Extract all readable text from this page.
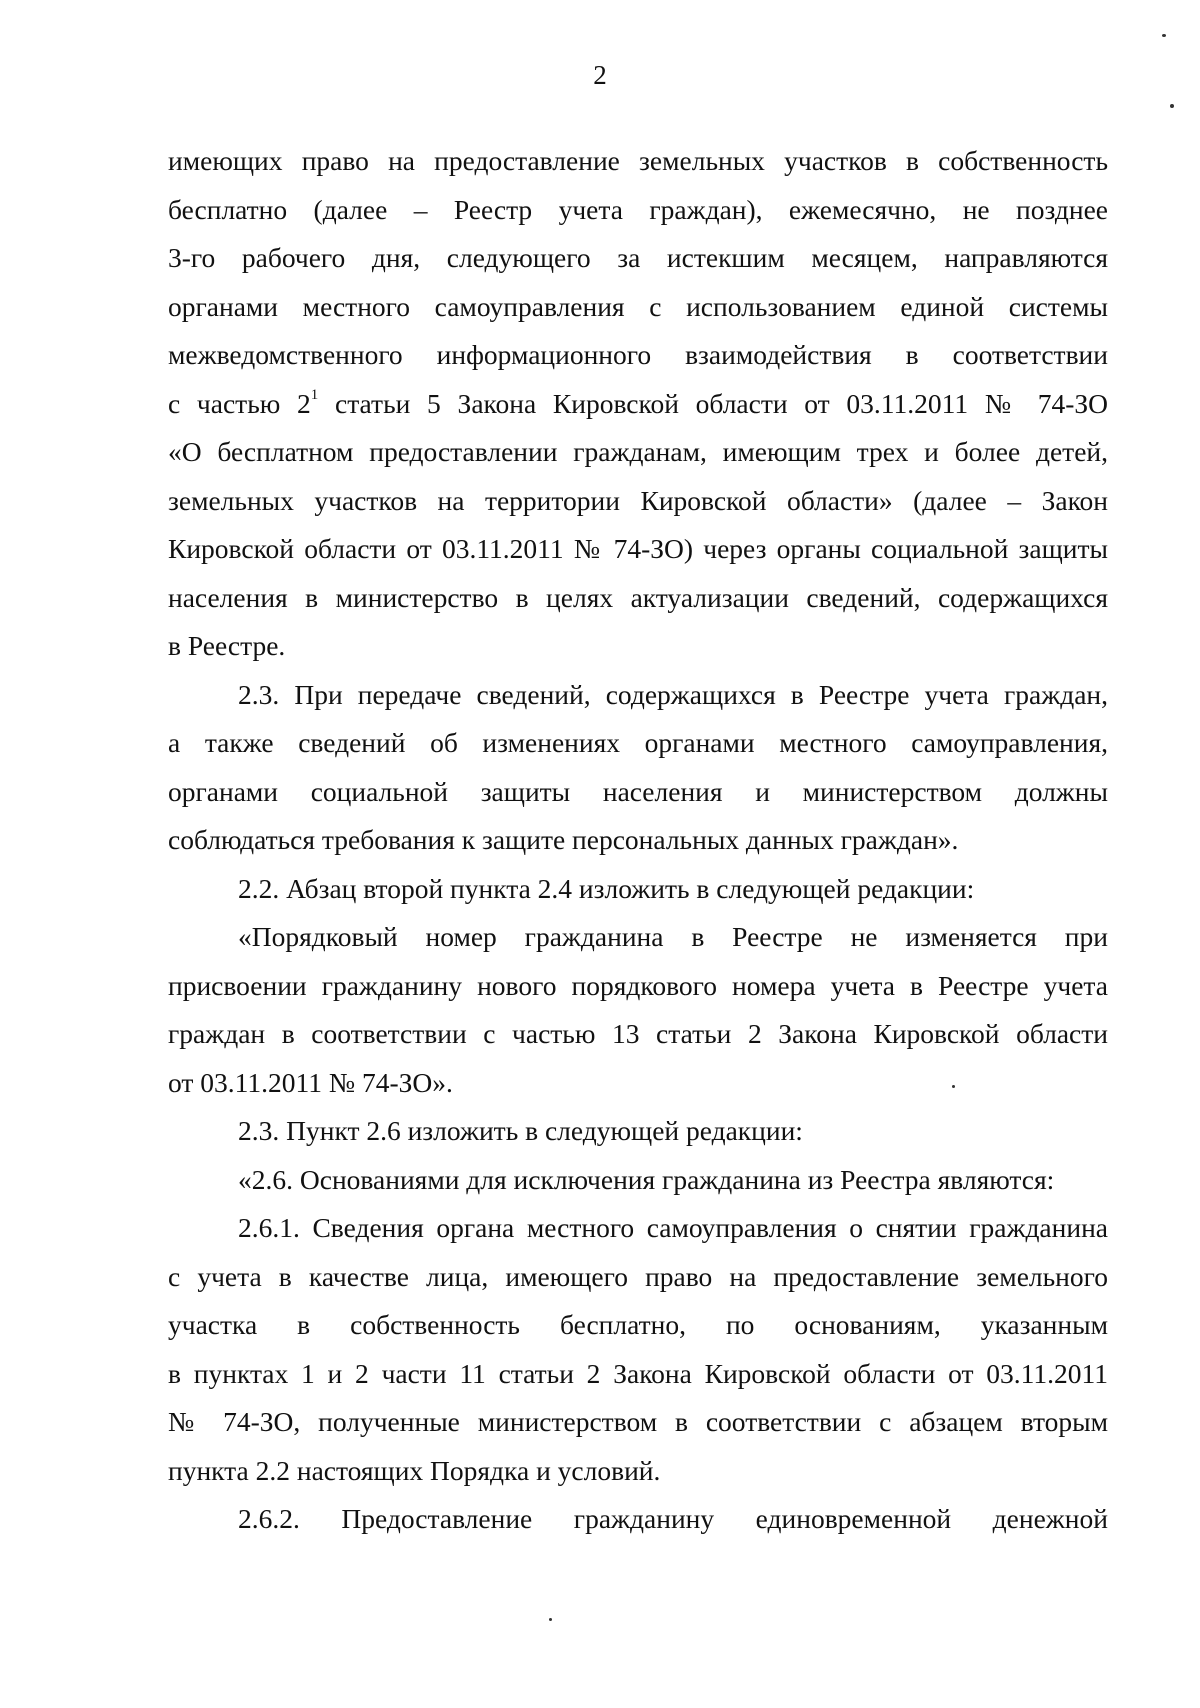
2
имеющих право на предоставление земельных участков в собственность
бесплатно (далее – Реестр учета граждан), ежемесячно, не позднее
3-го рабочего дня, следующего за истекшим месяцем, направляются
органами местного самоуправления с использованием единой системы
межведомственного информационного взаимодействия в соответствии
с частью $2^1$ статьи 5 Закона Кировской области от 03.11.2011 № 74-ЗО
«О бесплатном предоставлении гражданам, имеющим трех и более детей,
земельных участков на территории Кировской области» (далее – Закон
Кировской области от 03.11.2011 № 74-ЗО) через органы социальной защиты
населения в министерство в целях актуализации сведений, содержащихся
в Реестре.
2.3. При передаче сведений, содержащихся в Реестре учета граждан,
а также сведений об изменениях органами местного самоуправления,
органами социальной защиты населения и министерством должны
соблюдаться требования к защите персональных данных граждан».
2.2. Абзац второй пункта 2.4 изложить в следующей редакции:
«Порядковый номер гражданина в Реестре не изменяется при
присвоении гражданину нового порядкового номера учета в Реестре учета
граждан в соответствии с частью 13 статьи 2 Закона Кировской области
от 03.11.2011 № 74-ЗО».
2.3. Пункт 2.6 изложить в следующей редакции:
«2.6. Основаниями для исключения гражданина из Реестра являются:
2.6.1. Сведения органа местного самоуправления о снятии гражданина
с учета в качестве лица, имеющего право на предоставление земельного
участка в собственность бесплатно, по основаниям, указанным
в пунктах 1 и 2 части 11 статьи 2 Закона Кировской области от 03.11.2011
№ 74-ЗО, полученные министерством в соответствии с абзацем вторым
пункта 2.2 настоящих Порядка и условий.
2.6.2. Предоставление гражданину единовременной денежной
